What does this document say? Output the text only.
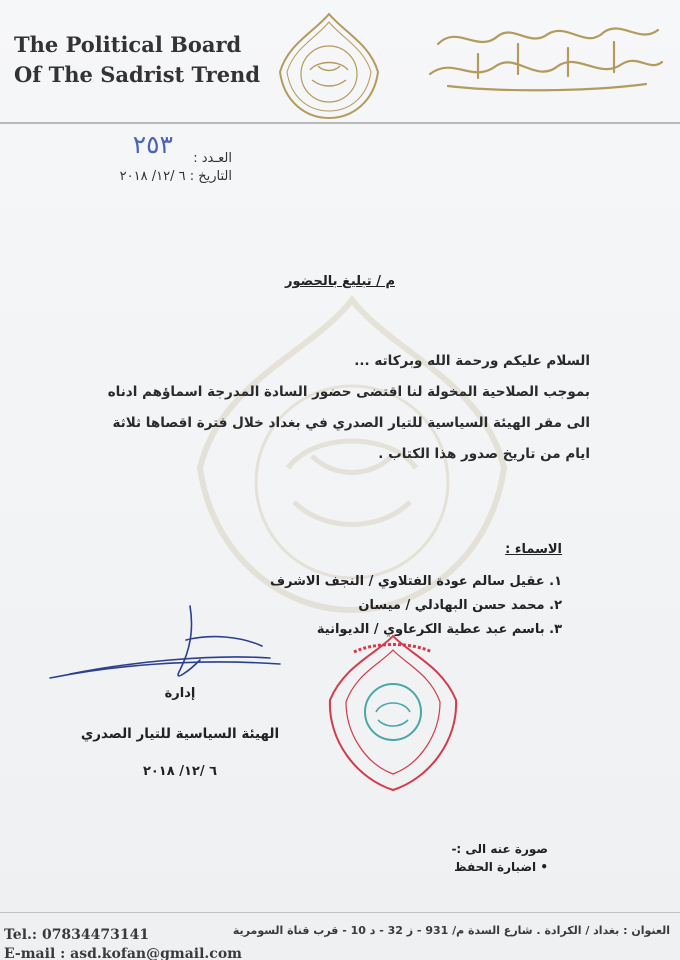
The Political Board
Of The Sadrist Trend
العـدد :
٢٥٣
التاريخ : ٦ /١٢/ ٢٠١٨
م / تبليغ بالحضور
السلام عليكم ورحمة الله وبركاته ...
بموجب الصلاحية المخولة لنا اقتضى حضور السادة المدرجة اسماؤهم ادناه الى مقر الهيئة السياسية للتيار الصدري في بغداد خلال فترة اقصاها ثلاثة ايام من تاريخ صدور هذا الكتاب .
الاسماء :
١. عقيل سالم عودة الفتلاوي / النجف الاشرف
٢. محمد حسن البهادلي / ميسان
٣. باسم عبد عطية الكرعاوي / الديوانية
إدارة
الهيئة السياسية للتيار الصدري
٦ /١٢/ ٢٠١٨
صورة عنه الى :-
• اضبارة الحفظ
Tel.: 07834473141
E-mail : asd.kofan@gmail.com
العنوان : بغداد / الكرادة . شارع السدة م/ 931 - ز 32 - د 10 - قرب قناة السومرية
